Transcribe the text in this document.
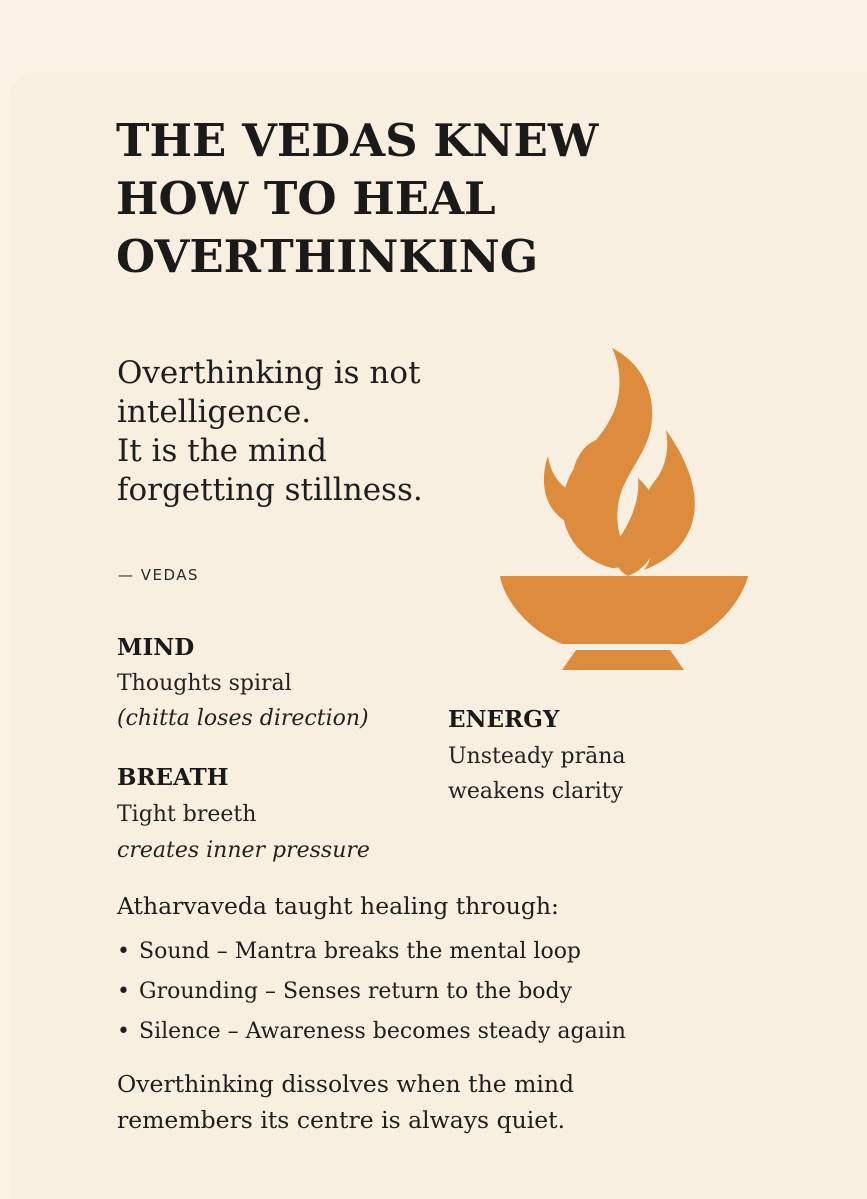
THE VEDAS KNEW
HOW TO HEAL
OVERTHINKING
Overthinking is not
intelligence.
It is the mind
forgetting stillness.
— VEDAS
MIND
Thoughts spiral
(chitta loses direction)
BREATH
Tight breeth
creates inner pressure
ENERGY
Unsteady prāna
weakens clarity
Atharvaveda taught healing through:
• Sound – Mantra breaks the mental loop
• Grounding – Senses return to the body
• Silence – Awareness becomes steady agaıin
Overthinking dissolves when the mind
remembers its centre is always quiet.
